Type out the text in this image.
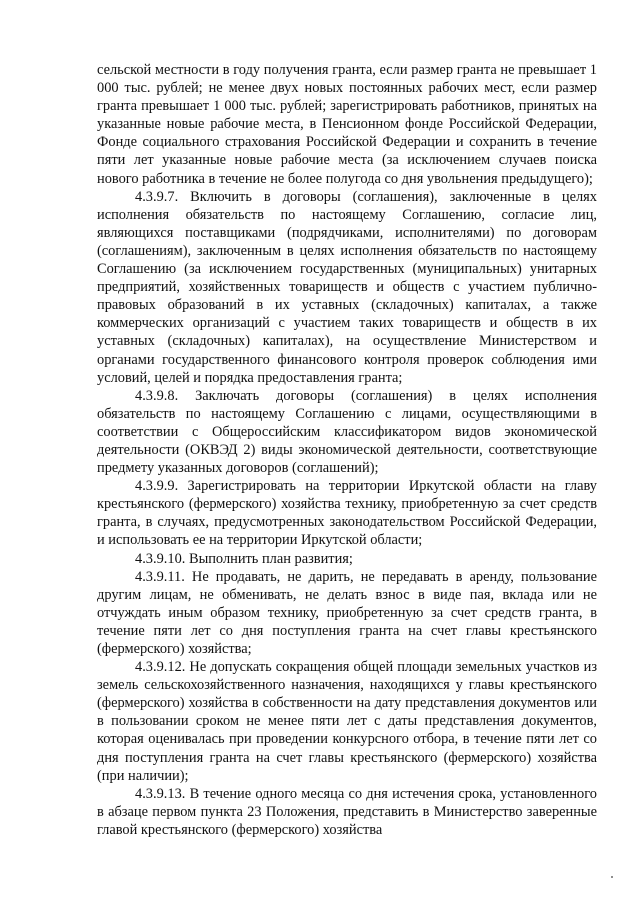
сельской местности в году получения гранта, если размер гранта не превышает 1 000 тыс. рублей; не менее двух новых постоянных рабочих мест, если размер гранта превышает 1 000 тыс. рублей; зарегистрировать работников, принятых на указанные новые рабочие места, в Пенсионном фонде Российской Федерации, Фонде социального страхования Российской Федерации и сохранить в течение пяти лет указанные новые рабочие места (за исключением случаев поиска нового работника в течение не более полугода со дня увольнения предыдущего);

4.3.9.7. Включить в договоры (соглашения), заключенные в целях исполнения обязательств по настоящему Соглашению, согласие лиц, являющихся поставщиками (подрядчиками, исполнителями) по договорам (соглашениям), заключенным в целях исполнения обязательств по настоящему Соглашению (за исключением государственных (муниципальных) унитарных предприятий, хозяйственных товариществ и обществ с участием публично-правовых образований в их уставных (складочных) капиталах, а также коммерческих организаций с участием таких товариществ и обществ в их уставных (складочных) капиталах), на осуществление Министерством и органами государственного финансового контроля проверок соблюдения ими условий, целей и порядка предоставления гранта;

4.3.9.8. Заключать договоры (соглашения) в целях исполнения обязательств по настоящему Соглашению с лицами, осуществляющими в соответствии с Общероссийским классификатором видов экономической деятельности (ОКВЭД 2) виды экономической деятельности, соответствующие предмету указанных договоров (соглашений);

4.3.9.9. Зарегистрировать на территории Иркутской области на главу крестьянского (фермерского) хозяйства технику, приобретенную за счет средств гранта, в случаях, предусмотренных законодательством Российской Федерации, и использовать ее на территории Иркутской области;

4.3.9.10. Выполнить план развития;

4.3.9.11. Не продавать, не дарить, не передавать в аренду, пользование другим лицам, не обменивать, не делать взнос в виде пая, вклада или не отчуждать иным образом технику, приобретенную за счет средств гранта, в течение пяти лет со дня поступления гранта на счет главы крестьянского (фермерского) хозяйства;

4.3.9.12. Не допускать сокращения общей площади земельных участков из земель сельскохозяйственного назначения, находящихся у главы крестьянского (фермерского) хозяйства в собственности на дату представления документов или в пользовании сроком не менее пяти лет с даты представления документов, которая оценивалась при проведении конкурсного отбора, в течение пяти лет со дня поступления гранта на счет главы крестьянского (фермерского) хозяйства (при наличии);

4.3.9.13. В течение одного месяца со дня истечения срока, установленного в абзаце первом пункта 23 Положения, представить в Министерство заверенные главой крестьянского (фермерского) хозяйства
